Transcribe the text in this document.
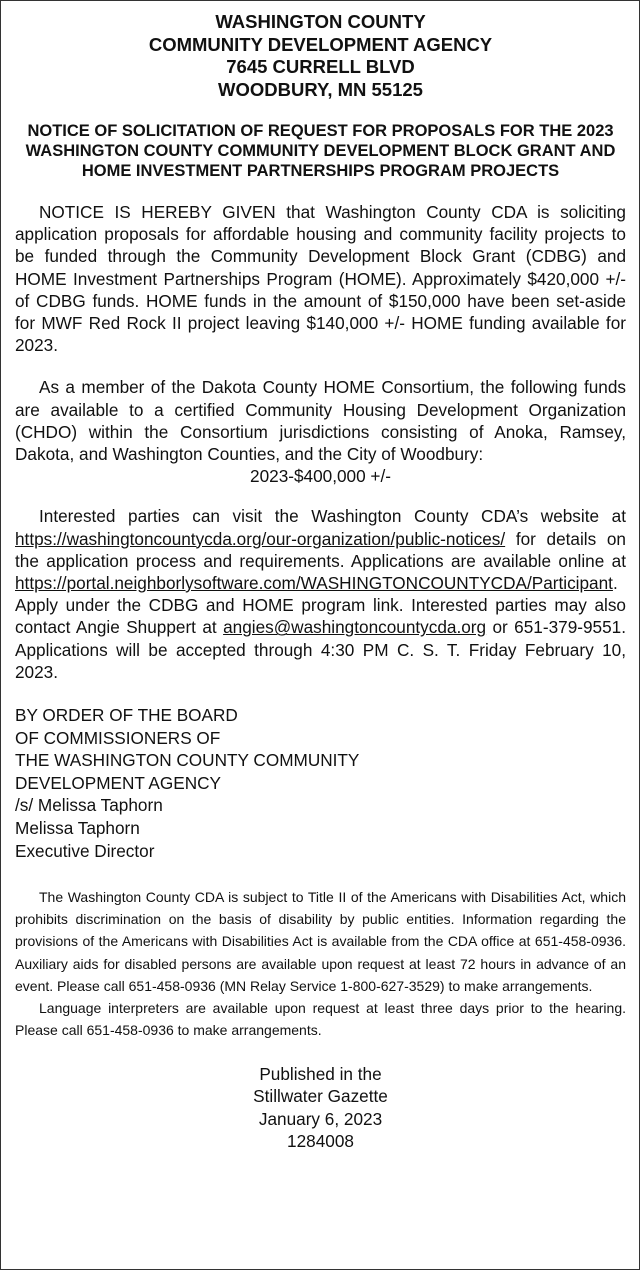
WASHINGTON COUNTY
COMMUNITY DEVELOPMENT AGENCY
7645 CURRELL BLVD
WOODBURY, MN 55125
NOTICE OF SOLICITATION OF REQUEST FOR PROPOSALS FOR THE 2023 WASHINGTON COUNTY COMMUNITY DEVELOPMENT BLOCK GRANT AND HOME INVESTMENT PARTNERSHIPS PROGRAM PROJECTS

NOTICE IS HEREBY GIVEN that Washington County CDA is soliciting application proposals for affordable housing and community facility projects to be funded through the Community Development Block Grant (CDBG) and HOME Investment Partnerships Program (HOME). Approximately $420,000 +/- of CDBG funds. HOME funds in the amount of $150,000 have been set-aside for MWF Red Rock II project leaving $140,000 +/- HOME funding available for 2023.

As a member of the Dakota County HOME Consortium, the following funds are available to a certified Community Housing Development Organization (CHDO) within the Consortium jurisdictions consisting of Anoka, Ramsey, Dakota, and Washington Counties, and the City of Woodbury:

2023-$400,000 +/-

Interested parties can visit the Washington County CDA’s website at https://washingtoncountycda.org/our-organization/public-notices/ for details on the application process and requirements. Applications are available online at https://portal.neighborlysoftware.com/WASHINGTONCOUNTYCDA/Participant. Apply under the CDBG and HOME program link. Interested parties may also contact Angie Shuppert at angies@washingtoncountycda.org or 651-379-9551. Applications will be accepted through 4:30 PM C. S. T. Friday February 10, 2023.

BY ORDER OF THE BOARD
OF COMMISSIONERS OF
THE WASHINGTON COUNTY COMMUNITY
DEVELOPMENT AGENCY
/s/ Melissa Taphorn
Melissa Taphorn
Executive Director

The Washington County CDA is subject to Title II of the Americans with Disabilities Act, which prohibits discrimination on the basis of disability by public entities. Information regarding the provisions of the Americans with Disabilities Act is available from the CDA office at 651-458-0936. Auxiliary aids for disabled persons are available upon request at least 72 hours in advance of an event. Please call 651-458-0936 (MN Relay Service 1-800-627-3529) to make arrangements.

Language interpreters are available upon request at least three days prior to the hearing. Please call 651-458-0936 to make arrangements.

Published in the
Stillwater Gazette
January 6, 2023
1284008
